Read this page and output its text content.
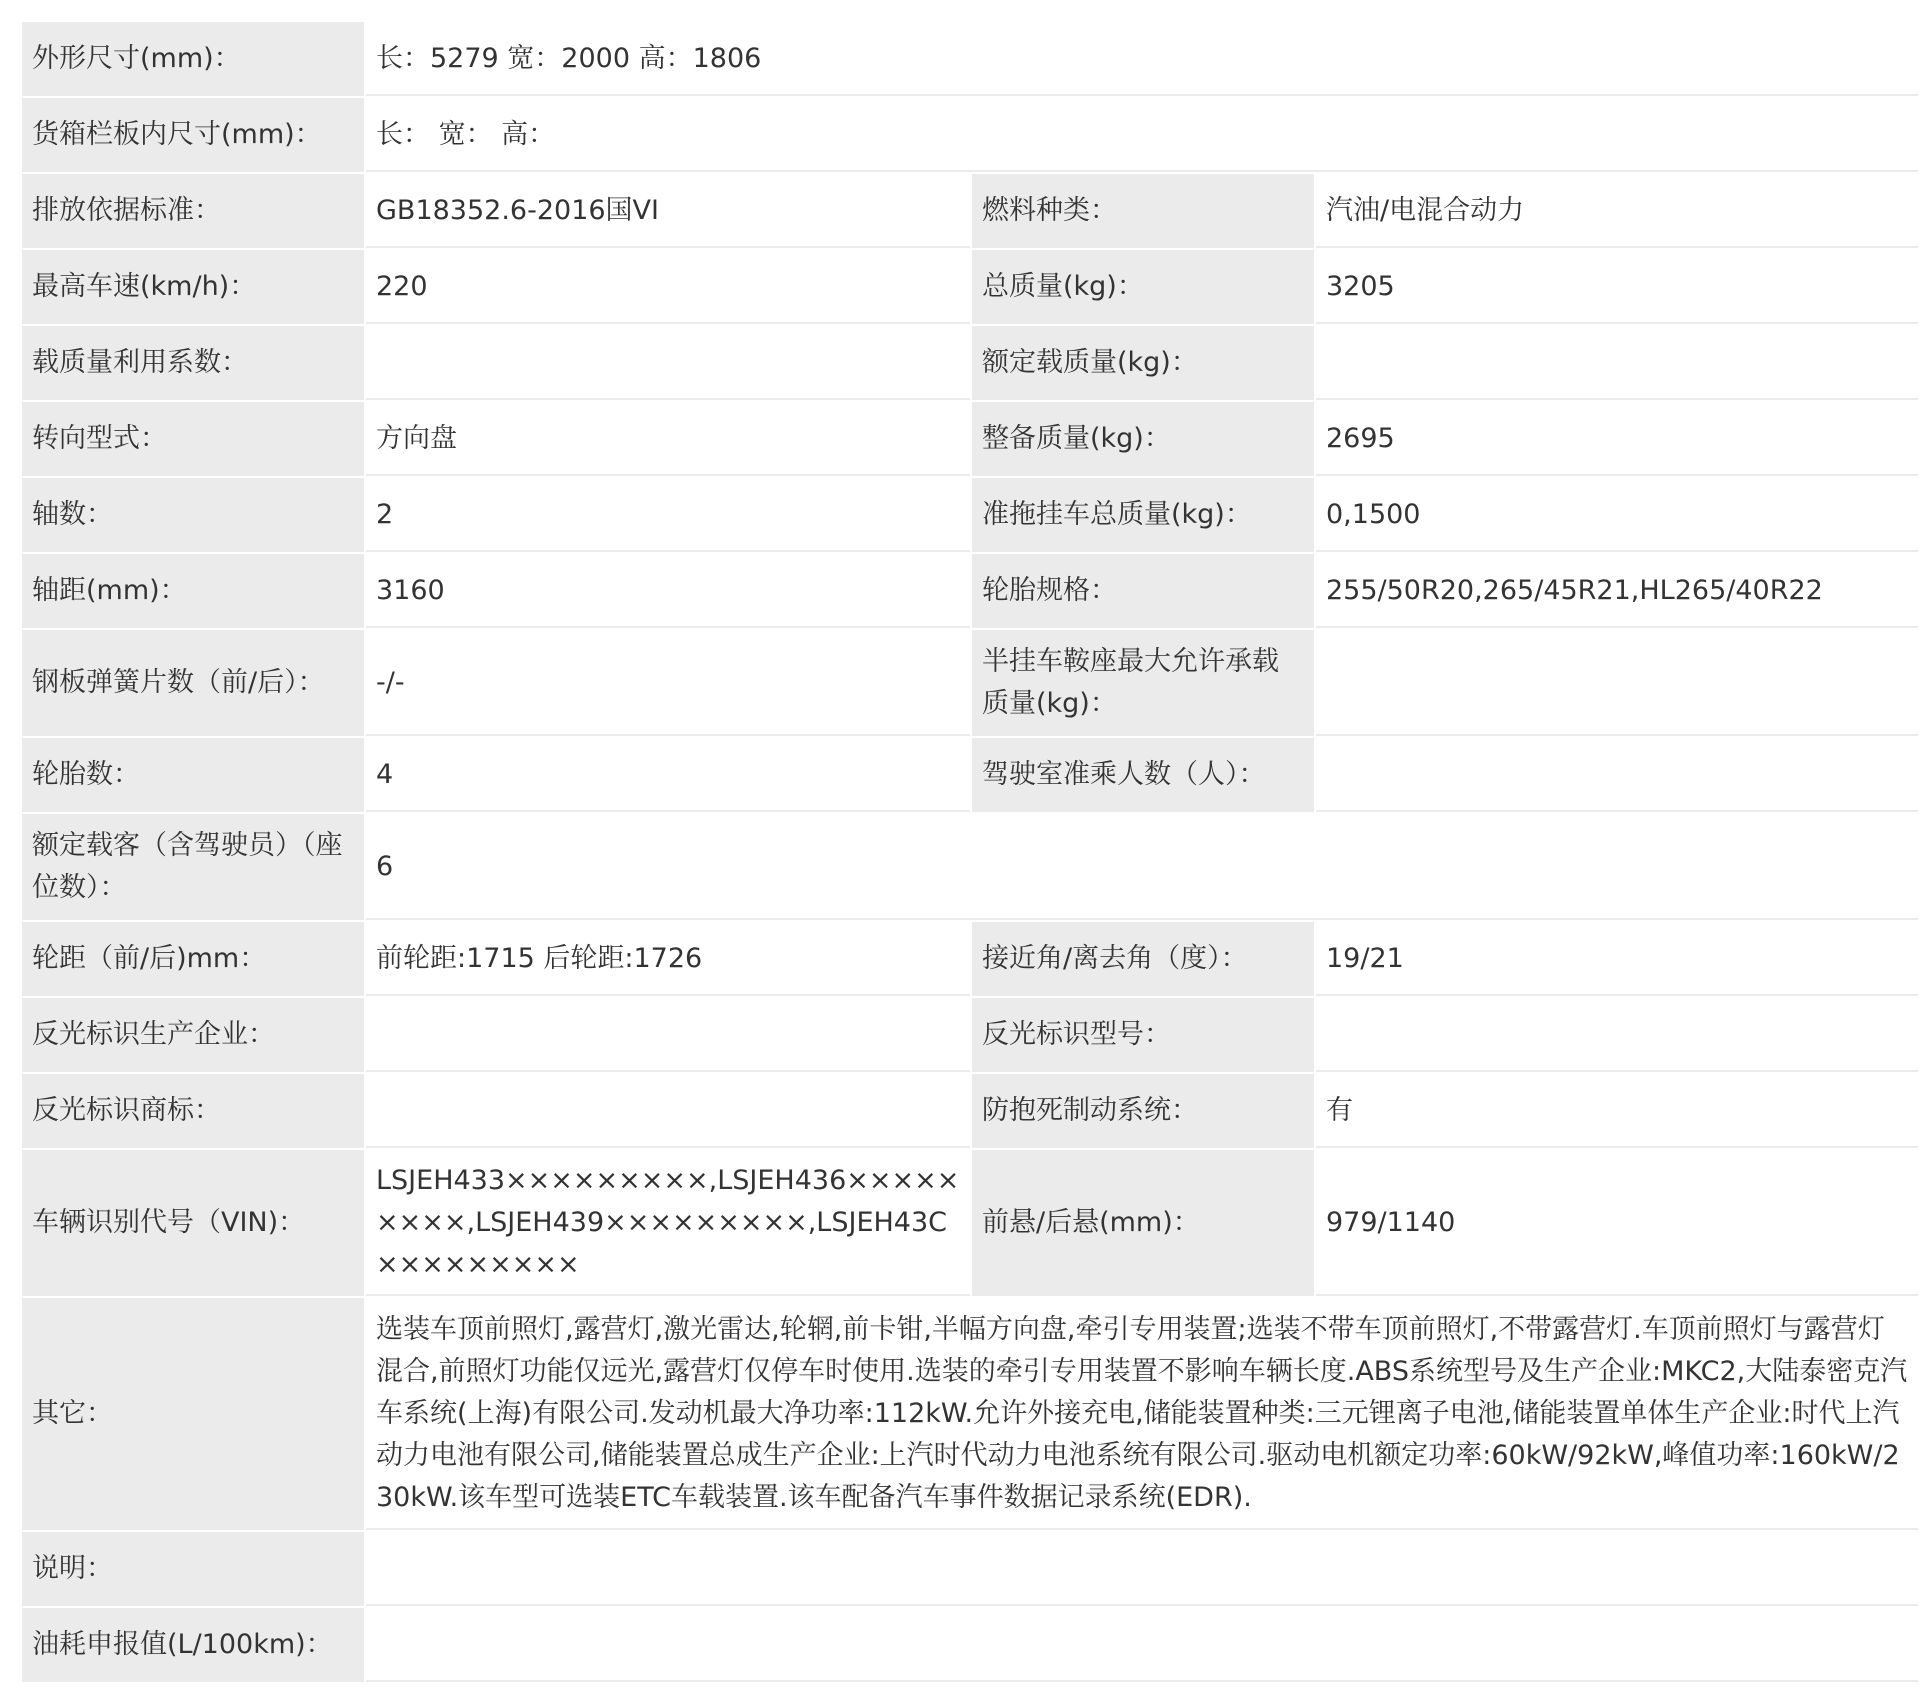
外形尺寸(mm)：	长：5279 宽：2000 高：1806		
货箱栏板内尺寸(mm)：	长： 宽： 高：		
排放依据标准：	GB18352.6-2016国VI	燃料种类：	汽油/电混合动力
最高车速(km/h)：	220	总质量(kg)：	3205
载质量利用系数：		额定载质量(kg)：	
转向型式：	方向盘	整备质量(kg)：	2695
轴数：	2	准拖挂车总质量(kg)：	0,1500
轴距(mm)：	3160	轮胎规格：	255/50R20,265/45R21,HL265/40R22
钢板弹簧片数（前/后）：	-/-	半挂车鞍座最大允许承载质量(kg)：	
轮胎数：	4	驾驶室准乘人数（人）：	
额定载客（含驾驶员）（座位数）：	6		
轮距（前/后)mm：	前轮距:1715 后轮距:1726	接近角/离去角（度）：	19/21
反光标识生产企业：		反光标识型号：	
反光标识商标：		防抱死制动系统：	有
车辆识别代号（VIN)：	LSJEH433×××××××××,LSJEH436×××××××××,LSJEH439×××××××××,LSJEH43C×××××××××	前悬/后悬(mm)：	979/1140
其它：	选装车顶前照灯,露营灯,激光雷达,轮辋,前卡钳,半幅方向盘,牵引专用装置;选装不带车顶前照灯,不带露营灯.车顶前照灯与露营灯混合,前照灯功能仅远光,露营灯仅停车时使用.选装的牵引专用装置不影响车辆长度.ABS系统型号及生产企业:MKC2,大陆泰密克汽车系统(上海)有限公司.发动机最大净功率:112kW.允许外接充电,储能装置种类:三元锂离子电池,储能装置单体生产企业:时代上汽动力电池有限公司,储能装置总成生产企业:上汽时代动力电池系统有限公司.驱动电机额定功率:60kW/92kW,峰值功率:160kW/230kW.该车型可选装ETC车载装置.该车配备汽车事件数据记录系统(EDR).		
说明：			
油耗申报值(L/100km)：			
